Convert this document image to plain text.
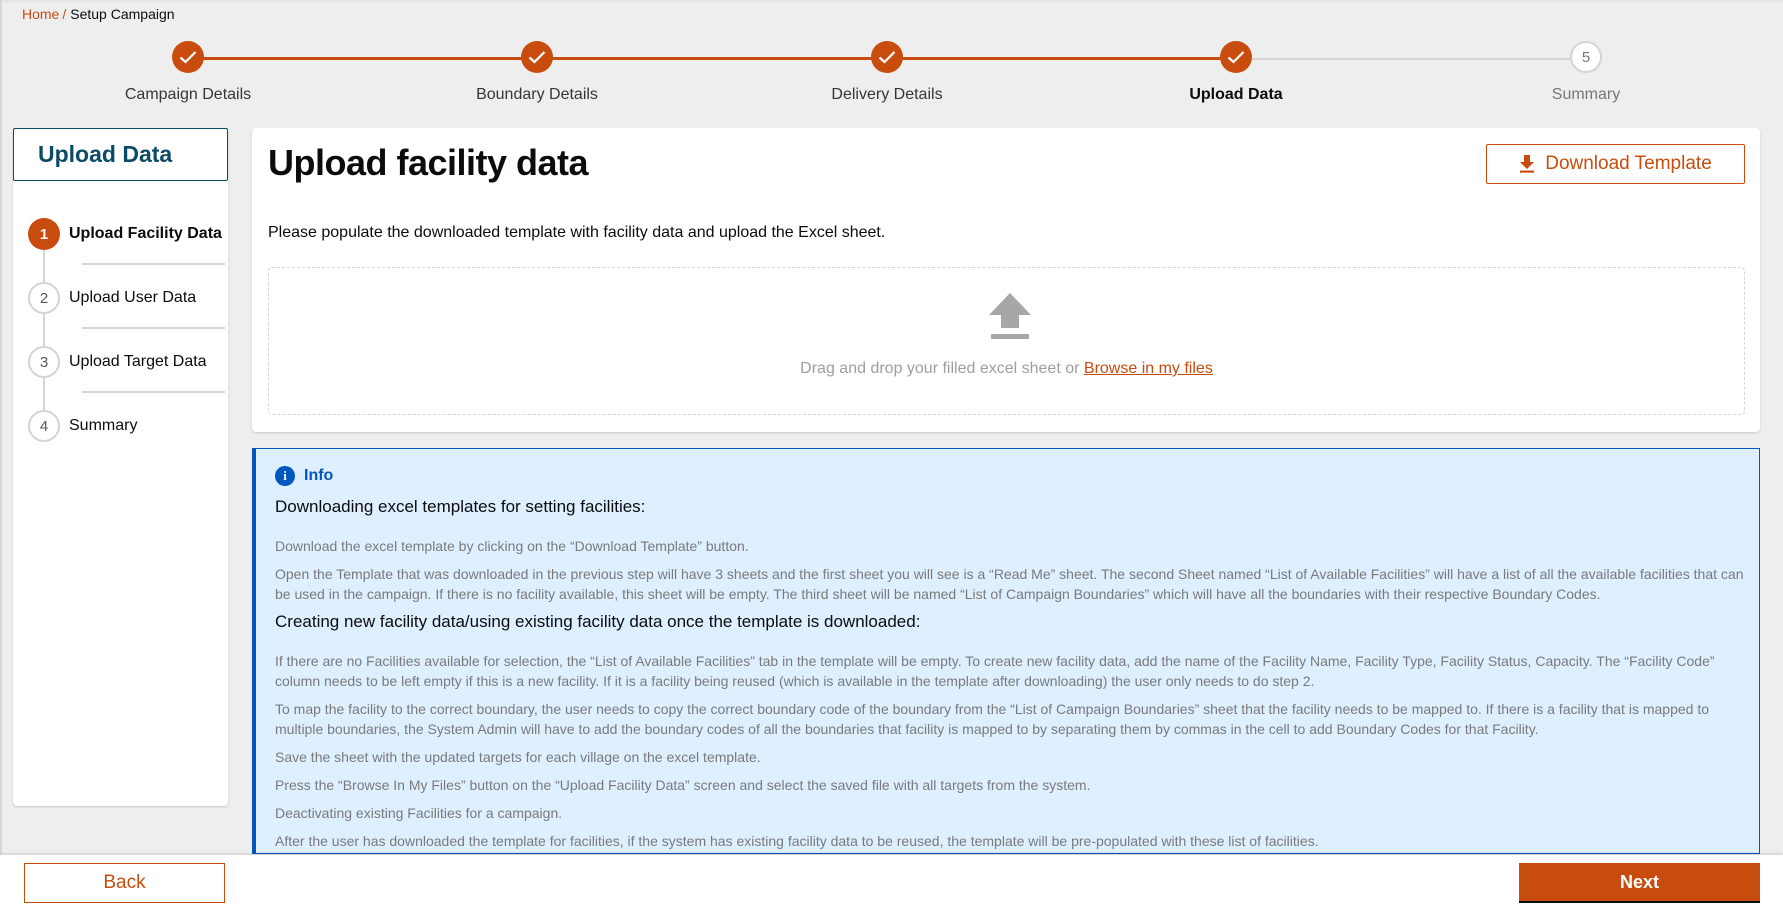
Home / Setup Campaign
Campaign Details	Boundary Details	Delivery Details	Upload Data
5
Summary
Upload Data
1	Upload Facility Data
2	Upload User Data
3	Upload Target Data
4	Summary
Upload facility data	Download Template
Please populate the downloaded template with facility data and upload the Excel sheet.
Drag and drop your filled excel sheet or Browse in my files
i	Info
Downloading excel templates for setting facilities:
Download the excel template by clicking on the “Download Template” button.
Open the Template that was downloaded in the previous step will have 3 sheets and the first sheet you will see is a “Read Me” sheet. The second Sheet named “List of Available Facilities” will have a list of all the available facilities that can be used in the campaign. If there is no facility available, this sheet will be empty. The third sheet will be named “List of Campaign Boundaries” which will have all the boundaries with their respective Boundary Codes.
Creating new facility data/using existing facility data once the template is downloaded:
If there are no Facilities available for selection, the “List of Available Facilities” tab in the template will be empty. To create new facility data, add the name of the Facility Name, Facility Type, Facility Status, Capacity. The “Facility Code” column needs to be left empty if this is a new facility. If it is a facility being reused (which is available in the template after downloading) the user only needs to do step 2.
To map the facility to the correct boundary, the user needs to copy the correct boundary code of the boundary from the “List of Campaign Boundaries” sheet that the facility needs to be mapped to. If there is a facility that is mapped to multiple boundaries, the System Admin will have to add the boundary codes of all the boundaries that facility is mapped to by separating them by commas in the cell to add Boundary Codes for that Facility.
Save the sheet with the updated targets for each village on the excel template.
Press the “Browse In My Files” button on the “Upload Facility Data” screen and select the saved file with all targets from the system.
Deactivating existing Facilities for a campaign.
After the user has downloaded the template for facilities, if the system has existing facility data to be reused, the template will be pre-populated with these list of facilities.
Back	Next
